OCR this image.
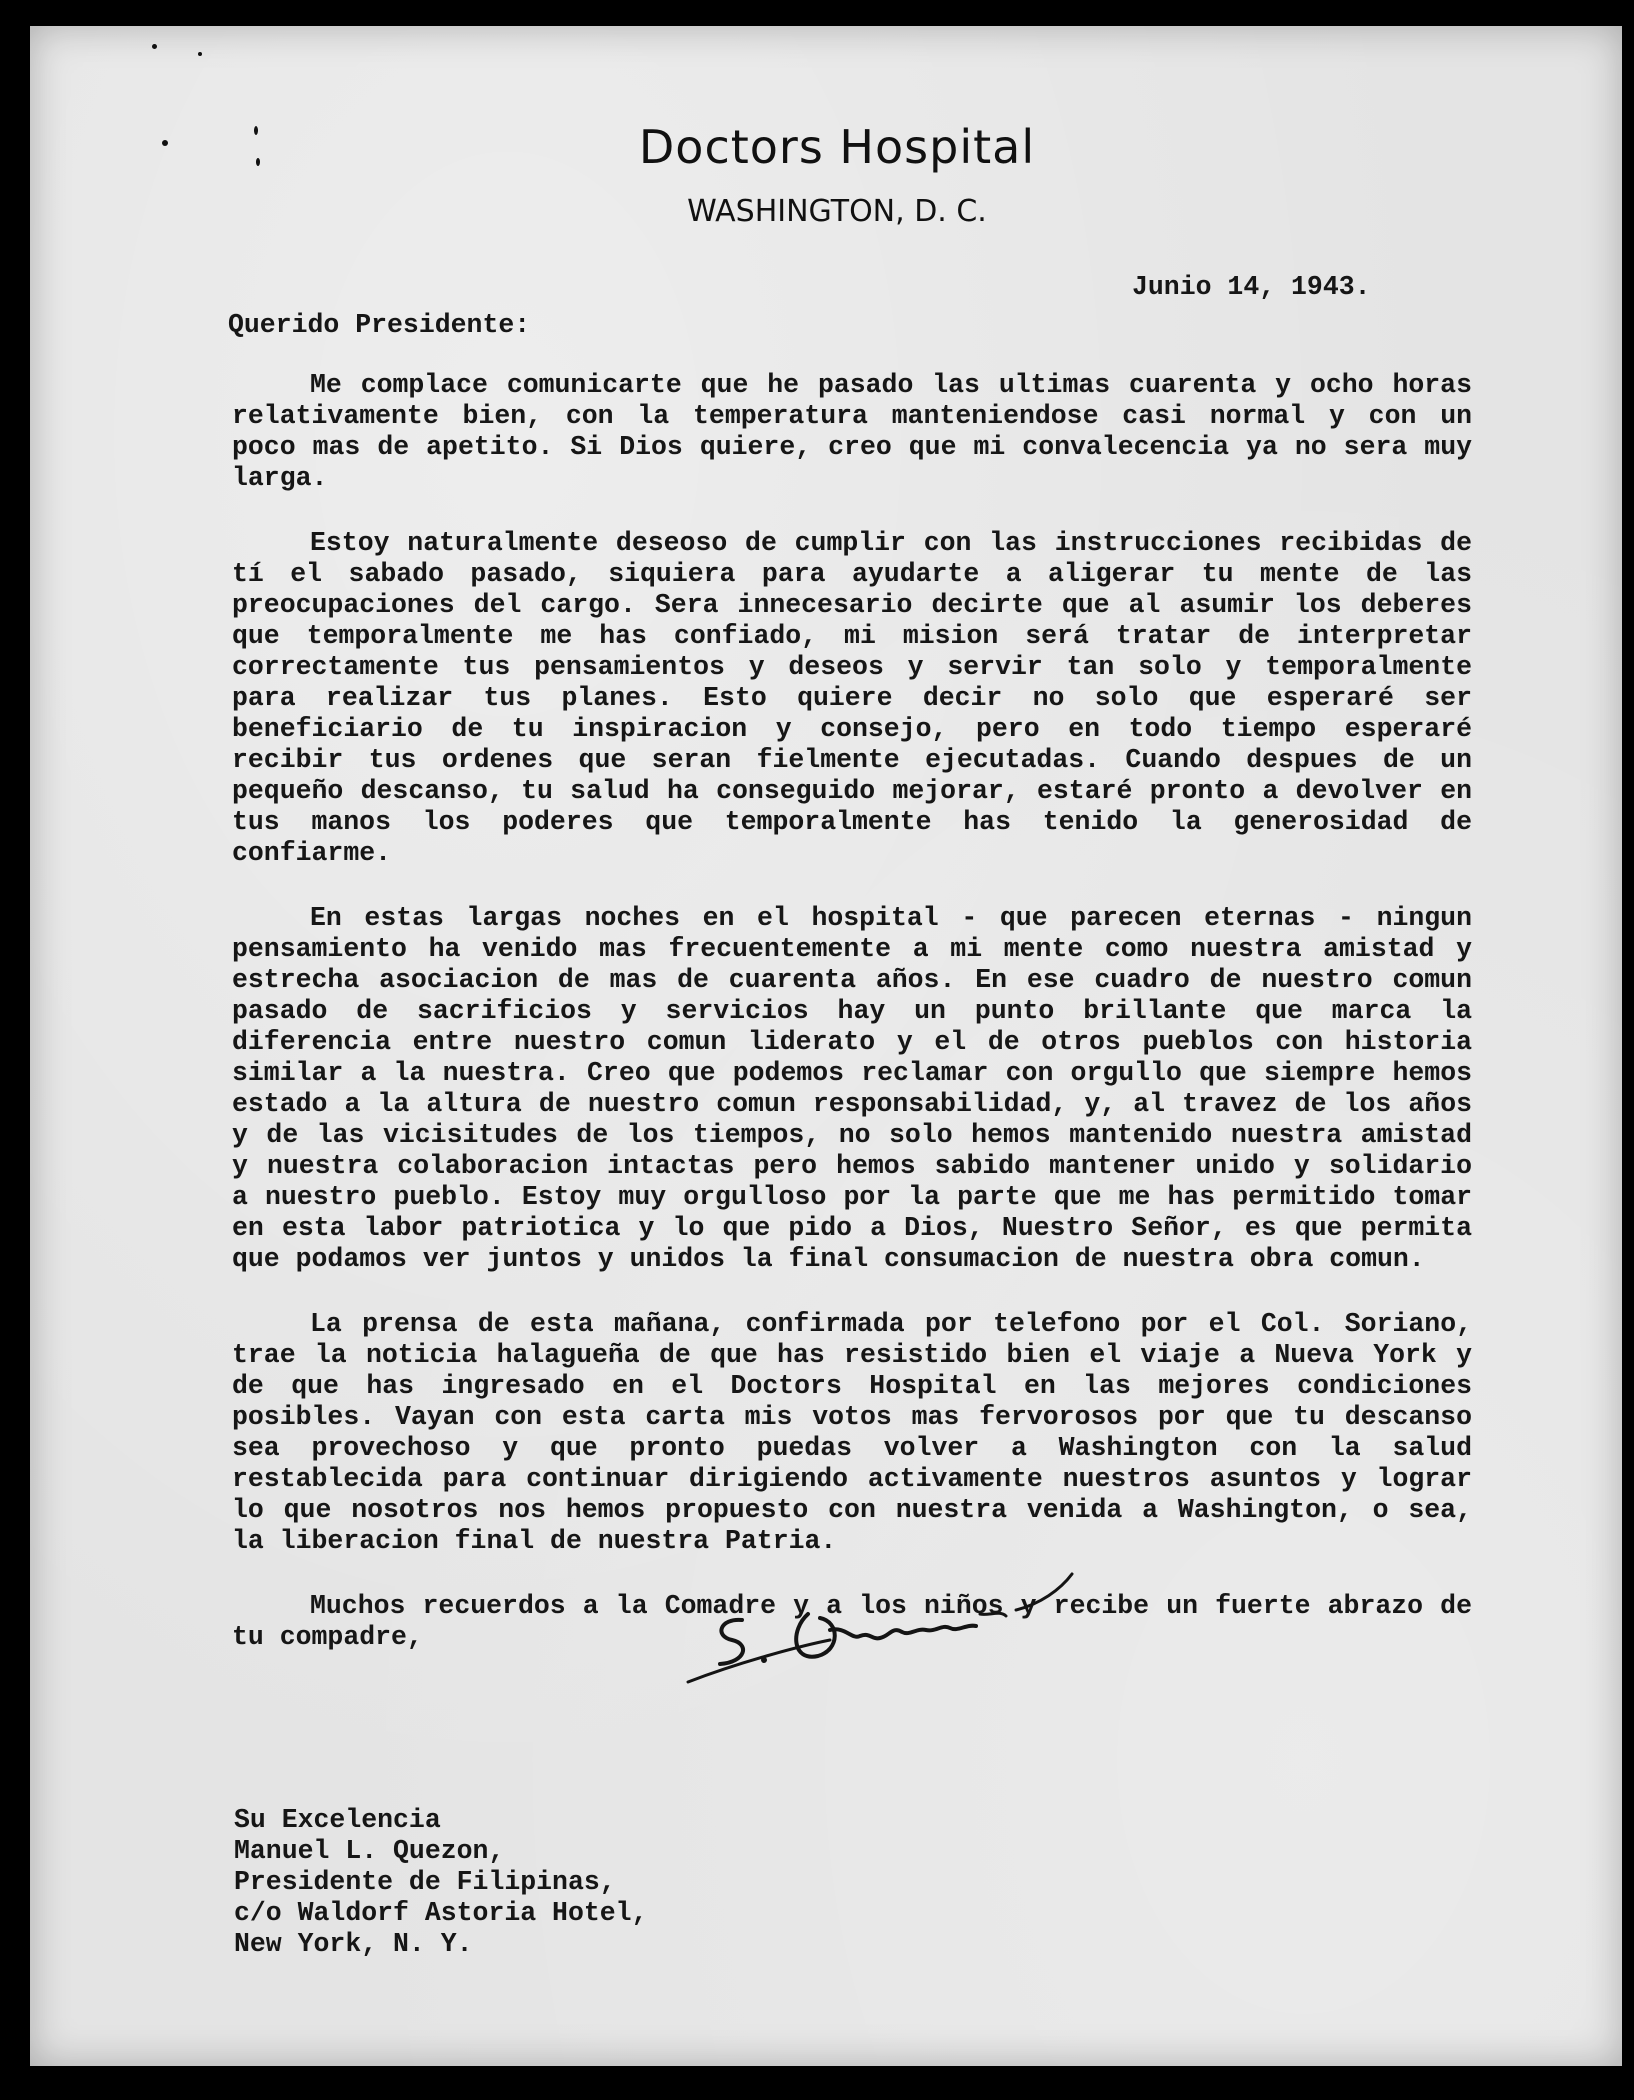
Doctors Hospital
WASHINGTON, D. C.
Junio 14, 1943.
Querido Presidente:

Me complace comunicarte que he pasado las ultimas cuarenta y ocho horas relativamente bien, con la temperatura manteniendose casi normal y con un poco mas de apetito. Si Dios quiere, creo que mi convalecencia ya no sera muy larga.

Estoy naturalmente deseoso de cumplir con las instrucciones recibidas de tí el sabado pasado, siquiera para ayudarte a aligerar tu mente de las preocupaciones del cargo. Sera innecesario decirte que al asumir los deberes que temporalmente me has confiado, mi mision será tratar de interpretar correctamente tus pensamientos y deseos y servir tan solo y temporalmente para realizar tus planes. Esto quiere decir no solo que esperaré ser beneficiario de tu inspiracion y consejo, pero en todo tiempo esperaré recibir tus ordenes que seran fielmente ejecutadas. Cuando despues de un pequeño descanso, tu salud ha conseguido mejorar, estaré pronto a devolver en tus manos los poderes que temporalmente has tenido la generosidad de confiarme.

En estas largas noches en el hospital - que parecen eternas - ningun pensamiento ha venido mas frecuentemente a mi mente como nuestra amistad y estrecha asociacion de mas de cuarenta años. En ese cuadro de nuestro comun pasado de sacrificios y servicios hay un punto brillante que marca la diferencia entre nuestro comun liderato y el de otros pueblos con historia similar a la nuestra. Creo que podemos reclamar con orgullo que siempre hemos estado a la altura de nuestro comun responsabilidad, y, al travez de los años y de las vicisitudes de los tiempos, no solo hemos mantenido nuestra amistad y nuestra colaboracion intactas pero hemos sabido mantener unido y solidario a nuestro pueblo. Estoy muy orgulloso por la parte que me has permitido tomar en esta labor patriotica y lo que pido a Dios, Nuestro Señor, es que permita que podamos ver juntos y unidos la final consumacion de nuestra obra comun.

La prensa de esta mañana, confirmada por telefono por el Col. Soriano, trae la noticia halagueña de que has resistido bien el viaje a Nueva York y de que has ingresado en el Doctors Hospital en las mejores condiciones posibles. Vayan con esta carta mis votos mas fervorosos por que tu descanso sea provechoso y que pronto puedas volver a Washington con la salud restablecida para continuar dirigiendo activamente nuestros asuntos y lograr lo que nosotros nos hemos propuesto con nuestra venida a Washington, o sea, la liberacion final de nuestra Patria.

Muchos recuerdos a la Comadre y a los niños y recibe un fuerte abrazo de tu compadre,

Su Excelencia
Manuel L. Quezon,
Presidente de Filipinas,
c/o Waldorf Astoria Hotel,
New York, N. Y.
